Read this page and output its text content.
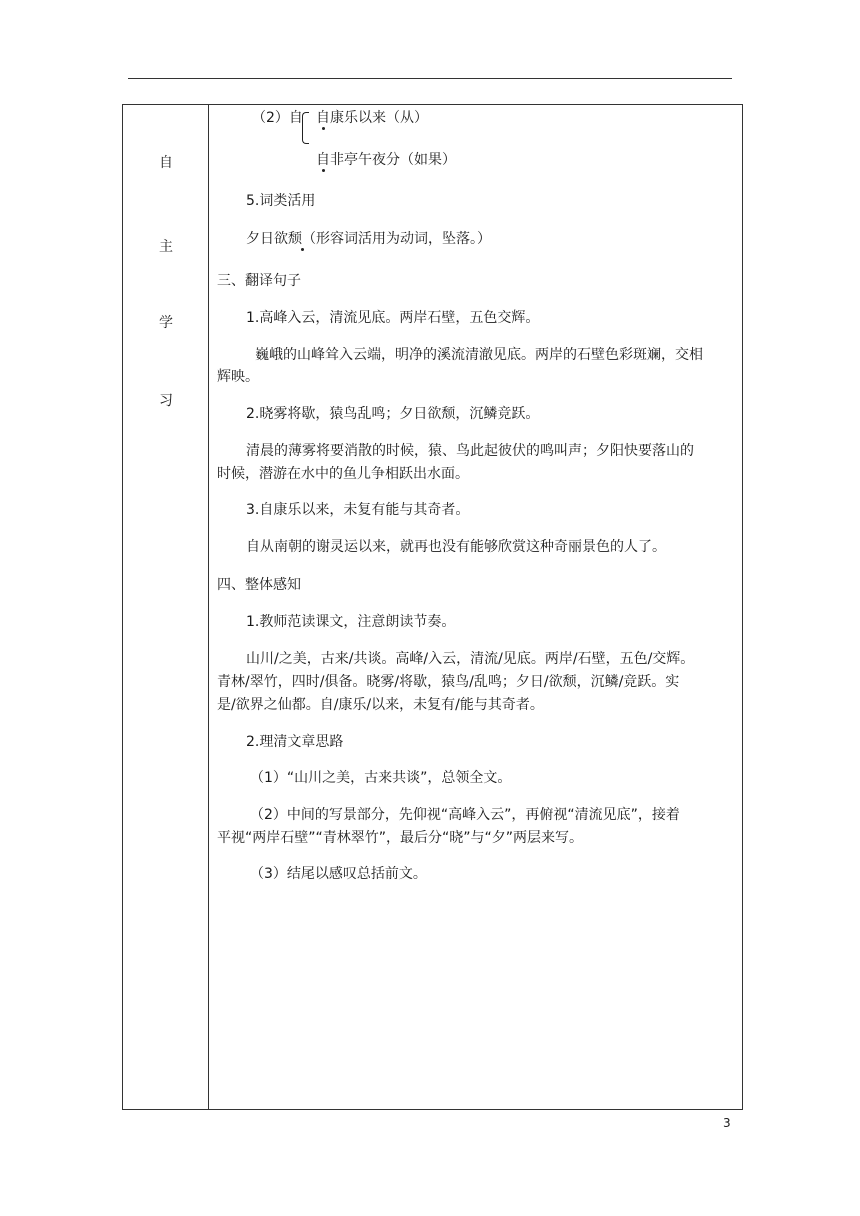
自
主
学
习
（2）自 自康乐以来（从）
自非亭午夜分（如果）
5.词类活用
夕日欲颓（形容词活用为动词，坠落。）
三、翻译句子
1.高峰入云，清流见底。两岸石壁，五色交辉。
巍峨的山峰耸入云端，明净的溪流清澈见底。两岸的石壁色彩斑斓，交相
辉映。
2.晓雾将歇，猿鸟乱鸣；夕日欲颓，沉鳞竞跃。
清晨的薄雾将要消散的时候，猿、鸟此起彼伏的鸣叫声；夕阳快要落山的
时候，潜游在水中的鱼儿争相跃出水面。
3.自康乐以来，未复有能与其奇者。
自从南朝的谢灵运以来，就再也没有能够欣赏这种奇丽景色的人了。
四、整体感知
1.教师范读课文，注意朗读节奏。
山川/之美，古来/共谈。高峰/入云，清流/见底。两岸/石壁，五色/交辉。
青林/翠竹，四时/俱备。晓雾/将歇，猿鸟/乱鸣；夕日/欲颓，沉鳞/竞跃。实
是/欲界之仙都。自/康乐/以来，未复有/能与其奇者。
2.理清文章思路
（1）“山川之美，古来共谈”，总领全文。
（2）中间的写景部分，先仰视“高峰入云”，再俯视“清流见底”，接着
平视“两岸石壁”“青林翠竹”，最后分“晓”与“夕”两层来写。
（3）结尾以感叹总括前文。
3
